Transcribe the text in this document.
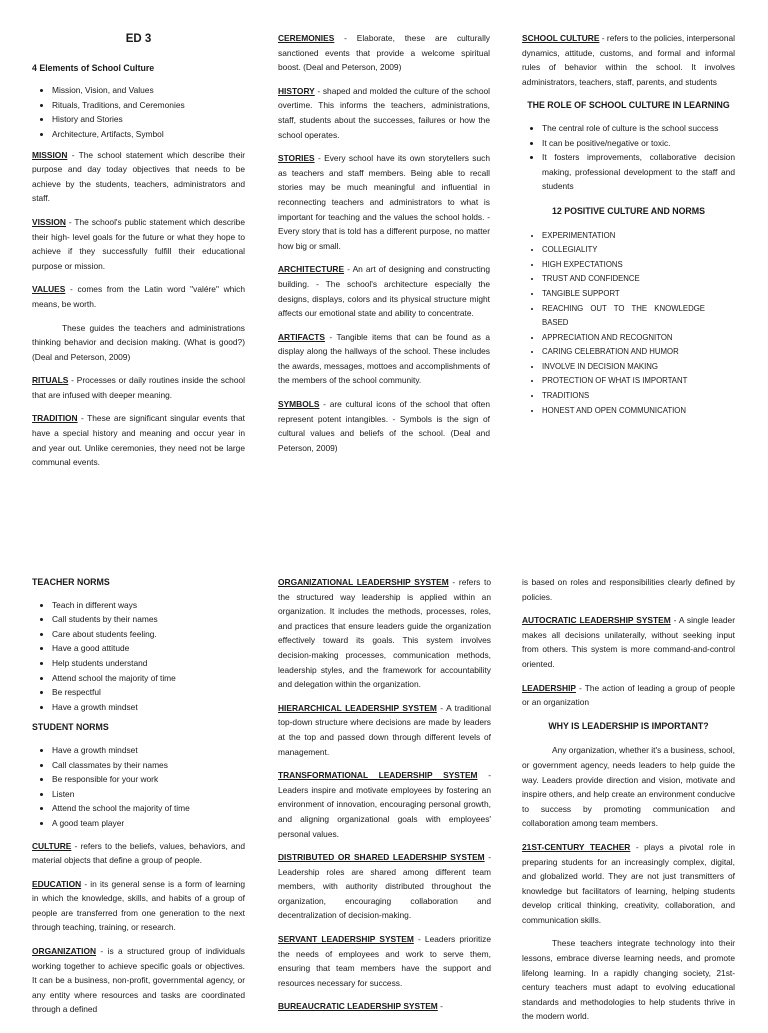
ED 3
4 Elements of School Culture
• Mission, Vision, and Values
• Rituals, Traditions, and Ceremonies
• History and Stories
• Architecture, Artifacts, Symbol

MISSION - The school statement which describe their purpose and day today objectives that needs to be achieve by the students, teachers, administrators and staff.

VISSION - The school's public statement which describe their high- level goals for the future or what they hope to achieve if they successfully fulfill their educational purpose or mission.

VALUES - comes from the Latin word "valére" which means, be worth.

These guides the teachers and administrations thinking behavior and decision making. (What is good?) (Deal and Peterson, 2009)

RITUALS - Processes or daily routines inside the school that are infused with deeper meaning.

TRADITION - These are significant singular events that have a special history and meaning and occur year in and year out. Unlike ceremonies, they need not be large communal events.

CEREMONIES - Elaborate, these are culturally sanctioned events that provide a welcome spiritual boost. (Deal and Peterson, 2009)

HISTORY - shaped and molded the culture of the school overtime. This informs the teachers, administrations, staff, students about the successes, failures or how the school operates.

STORIES - Every school have its own storytellers such as teachers and staff members. Being able to recall stories may be much meaningful and influential in reconnecting teachers and administrators to what is important for teaching and the values the school holds. -Every story that is told has a different purpose, no matter how big or small.

ARCHITECTURE - An art of designing and constructing building. - The school's architecture especially the designs, displays, colors and its physical structure might affects our emotional state and ability to concentrate.

ARTIFACTS - Tangible items that can be found as a display along the hallways of the school. These includes the awards, messages, mottoes and accomplishments of the members of the school community.

SYMBOLS - are cultural icons of the school that often represent potent intangibles. - Symbols is the sign of cultural values and beliefs of the school. (Deal and Peterson, 2009)

SCHOOL CULTURE - refers to the policies, interpersonal dynamics, attitude, customs, and formal and informal rules of behavior within the school. It involves administrators, teachers, staff, parents, and students

THE ROLE OF SCHOOL CULTURE IN LEARNING
• The central role of culture is the school success
• It can be positive/negative or toxic.
• It fosters improvements, collaborative decision making, professional development to the staff and students
12 POSITIVE CULTURE AND NORMS
• EXPERIMENTATION
• COLLEGIALITY
• HIGH EXPECTATIONS
• TRUST AND CONFIDENCE
• TANGIBLE SUPPORT
• REACHING OUT TO THE KNOWLEDGE BASED
• APPRECIATION AND RECOGNITON
• CARING CELEBRATION AND HUMOR
• INVOLVE IN DECISION MAKING
• PROTECTION OF WHAT IS IMPORTANT
• TRADITIONS
• HONEST AND OPEN COMMUNICATION
TEACHER NORMS
• Teach in different ways
• Call students by their names
• Care about students feeling.
• Have a good attitude
• Help students understand
• Attend school the majority of time
• Be respectful
• Have a growth mindset
STUDENT NORMS
• Have a growth mindset
• Call classmates by their names
• Be responsible for your work
• Listen
• Attend the school the majority of time
• A good team player

CULTURE - refers to the beliefs, values, behaviors, and material objects that define a group of people.

EDUCATION - in its general sense is a form of learning in which the knowledge, skills, and habits of a group of people are transferred from one generation to the next through teaching, training, or research.

ORGANIZATION - is a structured group of individuals working together to achieve specific goals or objectives. It can be a business, non-profit, governmental agency, or any entity where resources and tasks are coordinated through a defined

ORGANIZATIONAL LEADERSHIP SYSTEM - refers to the structured way leadership is applied within an organization. It includes the methods, processes, roles, and practices that ensure leaders guide the organization effectively toward its goals. This system involves decision-making processes, communication methods, leadership styles, and the framework for accountability and delegation within the organization.

HIERARCHICAL LEADERSHIP SYSTEM - A traditional top-down structure where decisions are made by leaders at the top and passed down through different levels of management.

TRANSFORMATIONAL LEADERSHIP SYSTEM - Leaders inspire and motivate employees by fostering an environment of innovation, encouraging personal growth, and aligning organizational goals with employees' personal values.

DISTRIBUTED OR SHARED LEADERSHIP SYSTEM - Leadership roles are shared among different team members, with authority distributed throughout the organization, encouraging collaboration and decentralization of decision-making.

SERVANT LEADERSHIP SYSTEM - Leaders prioritize the needs of employees and work to serve them, ensuring that team members have the support and resources necessary for success.

BUREAUCRATIC LEADERSHIP SYSTEM -

is based on roles and responsibilities clearly defined by policies.

AUTOCRATIC LEADERSHIP SYSTEM - A single leader makes all decisions unilaterally, without seeking input from others. This system is more command-and-control oriented.

LEADERSHIP - The action of leading a group of people or an organization

WHY IS LEADERSHIP IS IMPORTANT?

Any organization, whether it's a business, school, or government agency, needs leaders to help guide the way. Leaders provide direction and vision, motivate and inspire others, and help create an environment conducive to success by promoting communication and collaboration among team members.

21ST-CENTURY TEACHER - plays a pivotal role in preparing students for an increasingly complex, digital, and globalized world. They are not just transmitters of knowledge but facilitators of learning, helping students develop critical thinking, creativity, collaboration, and communication skills.

These teachers integrate technology into their lessons, embrace diverse learning needs, and promote lifelong learning. In a rapidly changing society, 21st-century teachers must adapt to evolving educational standards and methodologies to help students thrive in the modern world.
